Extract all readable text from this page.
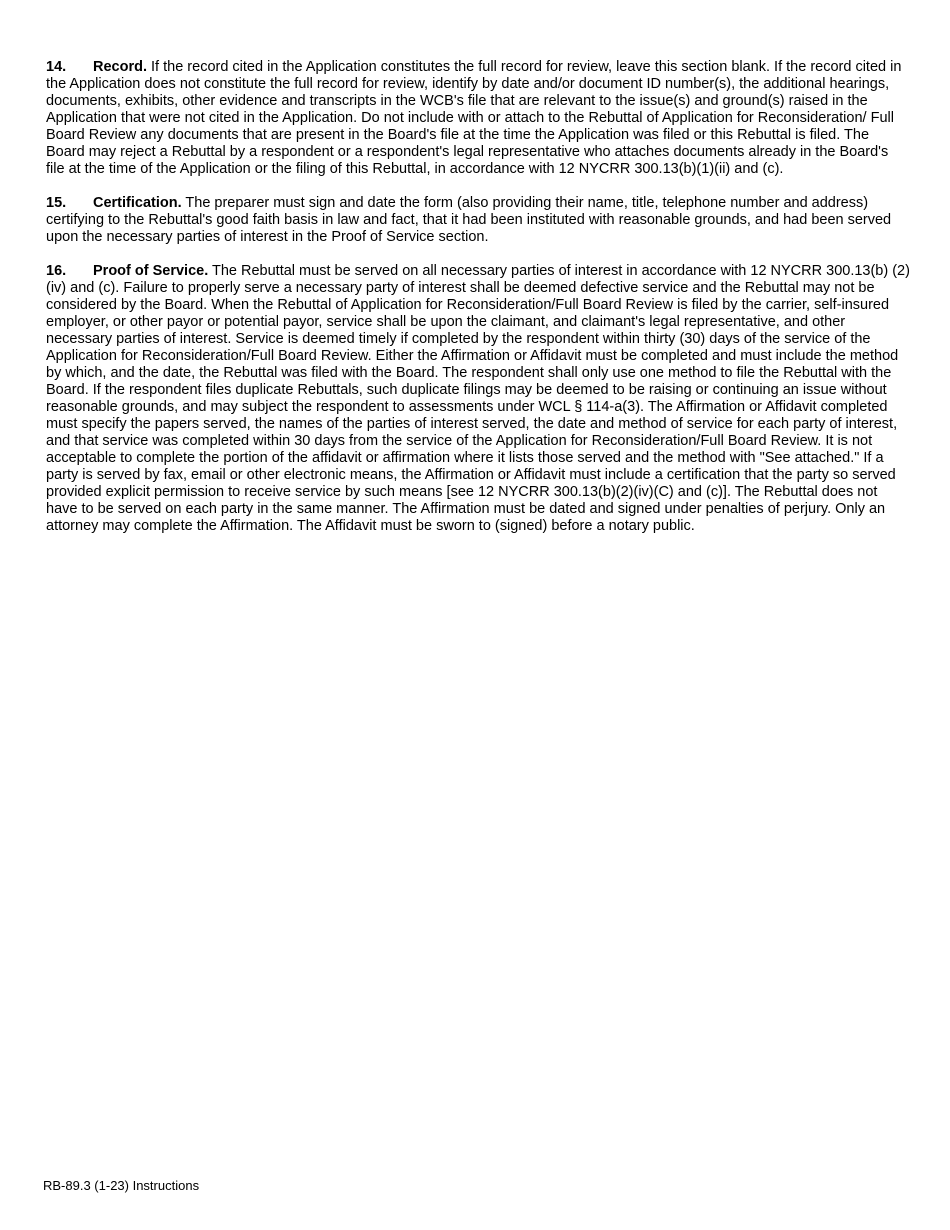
14. Record. If the record cited in the Application constitutes the full record for review, leave this section blank. If the record cited in the Application does not constitute the full record for review, identify by date and/or document ID number(s), the additional hearings, documents, exhibits, other evidence and transcripts in the WCB's file that are relevant to the issue(s) and ground(s) raised in the Application that were not cited in the Application. Do not include with or attach to the Rebuttal of Application for Reconsideration/ Full Board Review any documents that are present in the Board's file at the time the Application was filed or this Rebuttal is filed. The Board may reject a Rebuttal by a respondent or a respondent's legal representative who attaches documents already in the Board's file at the time of the Application or the filing of this Rebuttal, in accordance with 12 NYCRR 300.13(b)(1)(ii) and (c).

15. Certification. The preparer must sign and date the form (also providing their name, title, telephone number and address) certifying to the Rebuttal's good faith basis in law and fact, that it had been instituted with reasonable grounds, and had been served upon the necessary parties of interest in the Proof of Service section.

16. Proof of Service. The Rebuttal must be served on all necessary parties of interest in accordance with 12 NYCRR 300.13(b) (2)(iv) and (c). Failure to properly serve a necessary party of interest shall be deemed defective service and the Rebuttal may not be considered by the Board. When the Rebuttal of Application for Reconsideration/Full Board Review is filed by the carrier, self-insured employer, or other payor or potential payor, service shall be upon the claimant, and claimant's legal representative, and other necessary parties of interest. Service is deemed timely if completed by the respondent within thirty (30) days of the service of the Application for Reconsideration/Full Board Review. Either the Affirmation or Affidavit must be completed and must include the method by which, and the date, the Rebuttal was filed with the Board. The respondent shall only use one method to file the Rebuttal with the Board. If the respondent files duplicate Rebuttals, such duplicate filings may be deemed to be raising or continuing an issue without reasonable grounds, and may subject the respondent to assessments under WCL § 114-a(3). The Affirmation or Affidavit completed must specify the papers served, the names of the parties of interest served, the date and method of service for each party of interest, and that service was completed within 30 days from the service of the Application for Reconsideration/Full Board Review. It is not acceptable to complete the portion of the affidavit or affirmation where it lists those served and the method with "See attached." If a party is served by fax, email or other electronic means, the Affirmation or Affidavit must include a certification that the party so served provided explicit permission to receive service by such means [see 12 NYCRR 300.13(b)(2)(iv)(C) and (c)]. The Rebuttal does not have to be served on each party in the same manner. The Affirmation must be dated and signed under penalties of perjury. Only an attorney may complete the Affirmation. The Affidavit must be sworn to (signed) before a notary public.

RB-89.3 (1-23) Instructions
